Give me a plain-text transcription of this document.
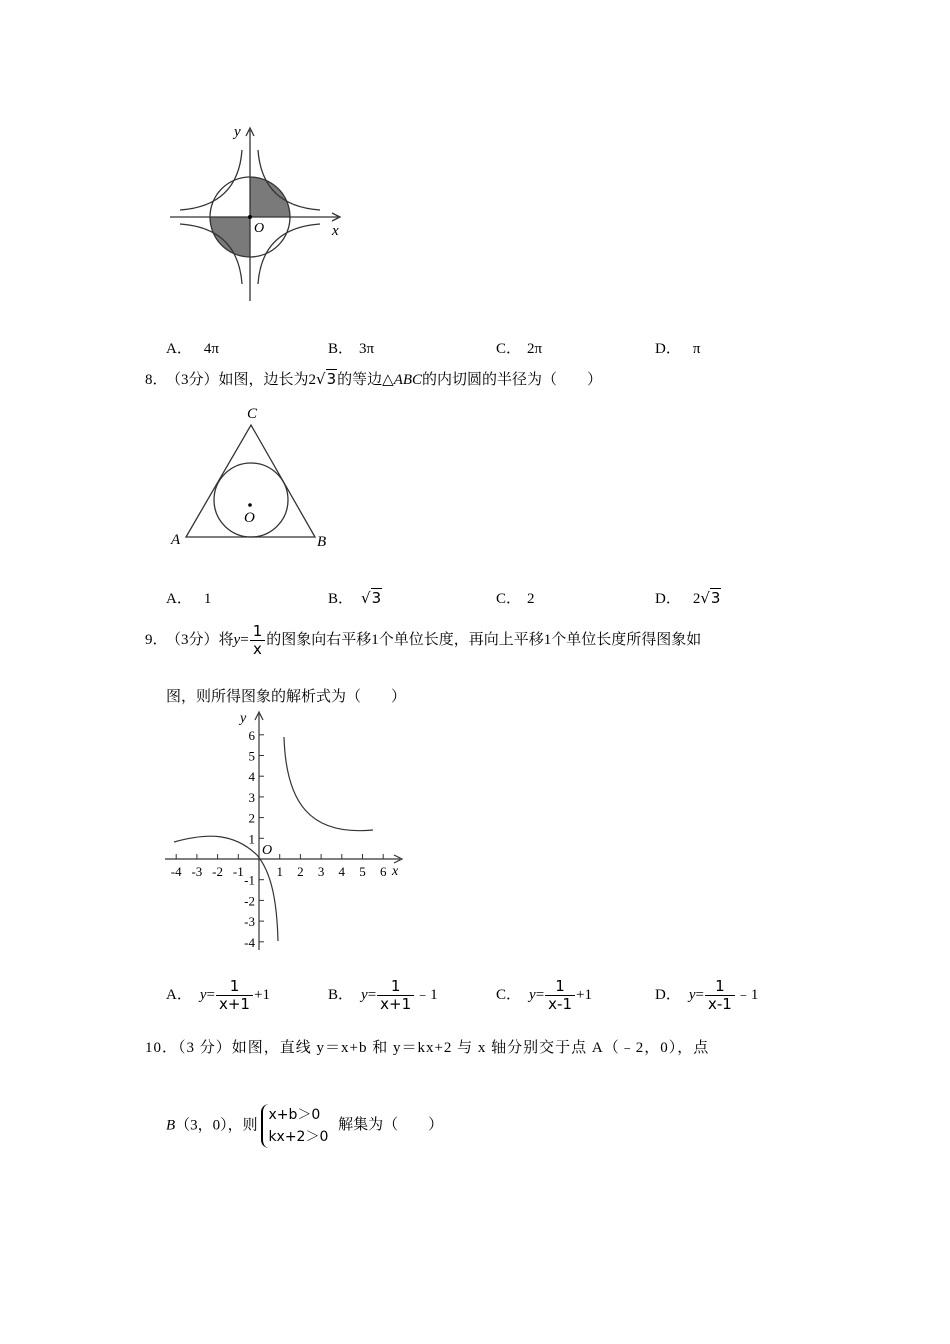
y
x
O
A． 4π	B． 3π	C． 2π	D． π
8． （3分）如图，边长为2√3的等边△ABC的内切圆的半径为（　　）
C
A	B
O
A． 1	B． √3	C． 2	D． 2√3
9． （3分）将$y= \frac{1}{x}$ 的图象向右平移1个单位长度，再向上平移1个单位长度所得图象如
图，则所得图象的解析式为（　　）
6
5
4
3
2
1
-1
-2
-3
-4
-4 -3 -2 -1	1 2 3 4 5 6
y
x
O
A． $y= \frac{1}{x+1} +1$	B． $y= \frac{1}{x+1}$ ﹣1	C． $y= \frac{1}{x-1} +1$	D． $y= \frac{1}{x-1}$ ﹣1
10．（3 分）如图，直线 y＝x+b 和 y＝kx+2 与 x 轴分别交于点 A（﹣2，0），点
B（3，0），则
x+b＞0
kx+2＞0
解集为（　　）
